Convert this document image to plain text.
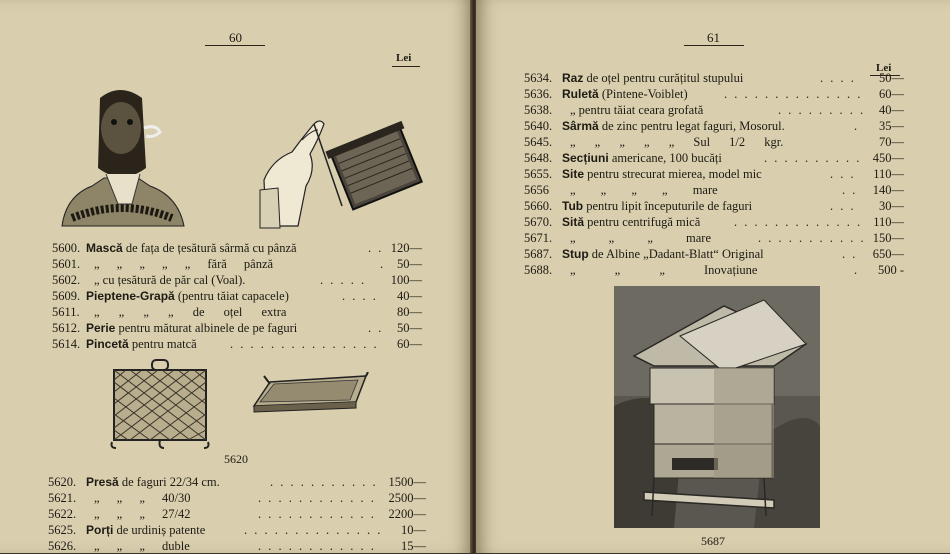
60
Lei
5600. Mască de fața de țesătură sârmă cu pânză	. . 120—
5601. „ „ „ „ „ fără pânză	. 50—
5602. „ cu țesătură de păr cal (Voal).	. . . . .	100—
5609. Pieptene-Grapă (pentru tăiat capacele)	. . . .	40—
5611. „ „ „ „ de oțel extra	80—
5612. Perie pentru măturat albinele de pe faguri	. . 50—
5614. Pincetă pentru matcă	. . . . . . . . . . . . . . . 60—
5620
5620. Presă de faguri 22/34 cm.	. . . . . . . . . . . 1500—
5621. „ „ „ 40/30	. . . . . . . . . . . .	2500—
5622. „ „ „ 27/42	. . . . . . . . . . . .	2200—
5625. Porți de urdiniș patente	. . . . . . . . . . . . . . 10—
5626. „ „ „ duble	. . . . . . . . . . . .	15—
61
Lei
5634. Raz de oțel pentru curățitul stupului	. . . .	50—
5636. Ruletă (Pintene-Voiblet)	. . . . . . . . . . . . . .	60—
5638. „ pentru tăiat ceara grofată	. . . . . . . . . 40—
5640. Sârmă de zinc pentru legat faguri, Mosorul.	.	35—
5645. „ „ „ „ „ Sul 1/2 kgr.	70—
5648. Secțiuni americane, 100 bucăți	. . . . . . . . . . 450—
5655. Site pentru strecurat mierea, model mic	. . .	110—
5656 „ „ „ „ mare	. .	140—
5660. Tub pentru lipit începuturile de faguri	. . .	30—
5670. Sită pentru centrifugă mică	. . . . . . . . . . . . . 110—
5671. „ „ „ mare	. . . . . . . . . . . 150—
5687. Stup de Albine „Dadant-Blatt“ Original	. .	650—
5688. „ „ „ Inovațiune	.	500 -
5687
